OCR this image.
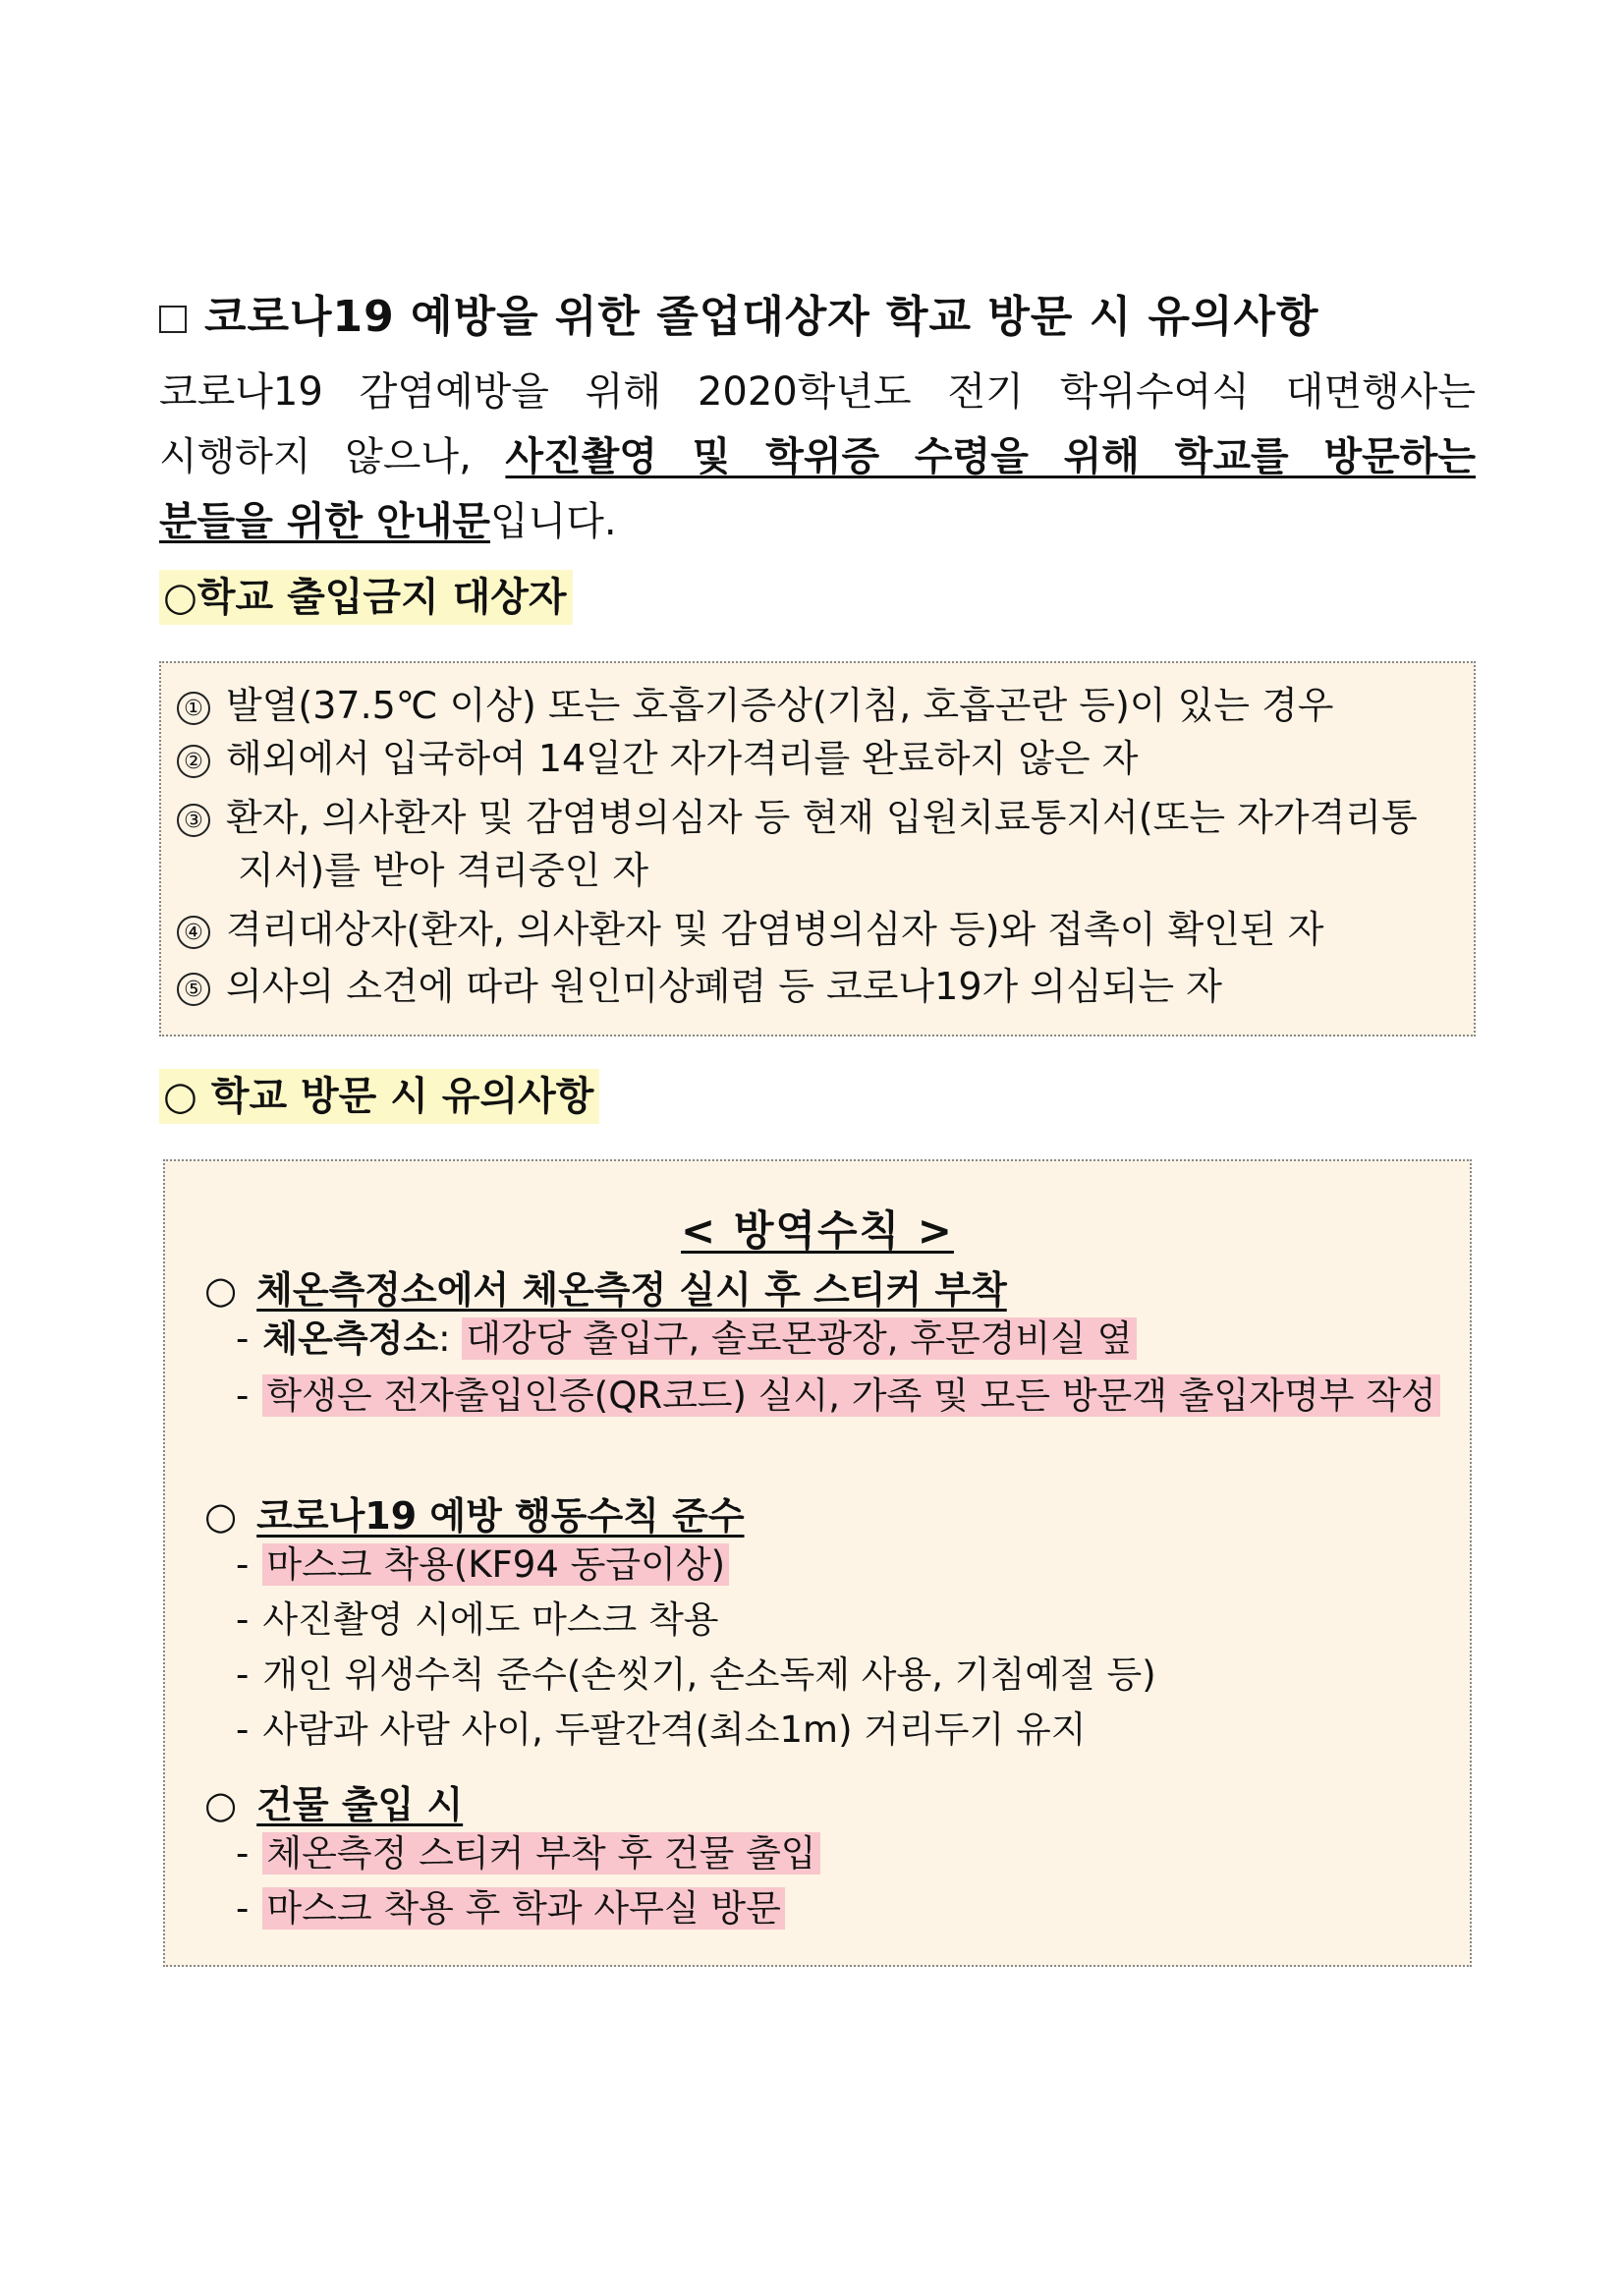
코로나19 예방을 위한 졸업대상자 학교 방문 시 유의사항
코로나19 감염예방을 위해 2020학년도 전기 학위수여식 대면행사는
시행하지 않으나, 사진촬영 및 학위증 수령을 위해 학교를 방문하는
분들을 위한 안내문입니다.
○학교 출입금지 대상자
① 발열(37.5℃ 이상) 또는 호흡기증상(기침, 호흡곤란 등)이 있는 경우
② 해외에서 입국하여 14일간 자가격리를 완료하지 않은 자
③ 환자, 의사환자 및 감염병의심자 등 현재 입원치료통지서(또는 자가격리통
지서)를 받아 격리중인 자
④ 격리대상자(환자, 의사환자 및 감염병의심자 등)와 접촉이 확인된 자
⑤ 의사의 소견에 따라 원인미상폐렴 등 코로나19가 의심되는 자
○ 학교 방문 시 유의사항
< 방역수칙 >
○ 체온측정소에서 체온측정 실시 후 스티커 부착
- 체온측정소: 대강당 출입구, 솔로몬광장, 후문경비실 옆
- 학생은 전자출입인증(QR코드) 실시, 가족 및 모든 방문객 출입자명부 작성
○ 코로나19 예방 행동수칙 준수
- 마스크 착용(KF94 동급이상)
- 사진촬영 시에도 마스크 착용
- 개인 위생수칙 준수(손씻기, 손소독제 사용, 기침예절 등)
- 사람과 사람 사이, 두팔간격(최소1m) 거리두기 유지
○ 건물 출입 시
- 체온측정 스티커 부착 후 건물 출입
- 마스크 착용 후 학과 사무실 방문
